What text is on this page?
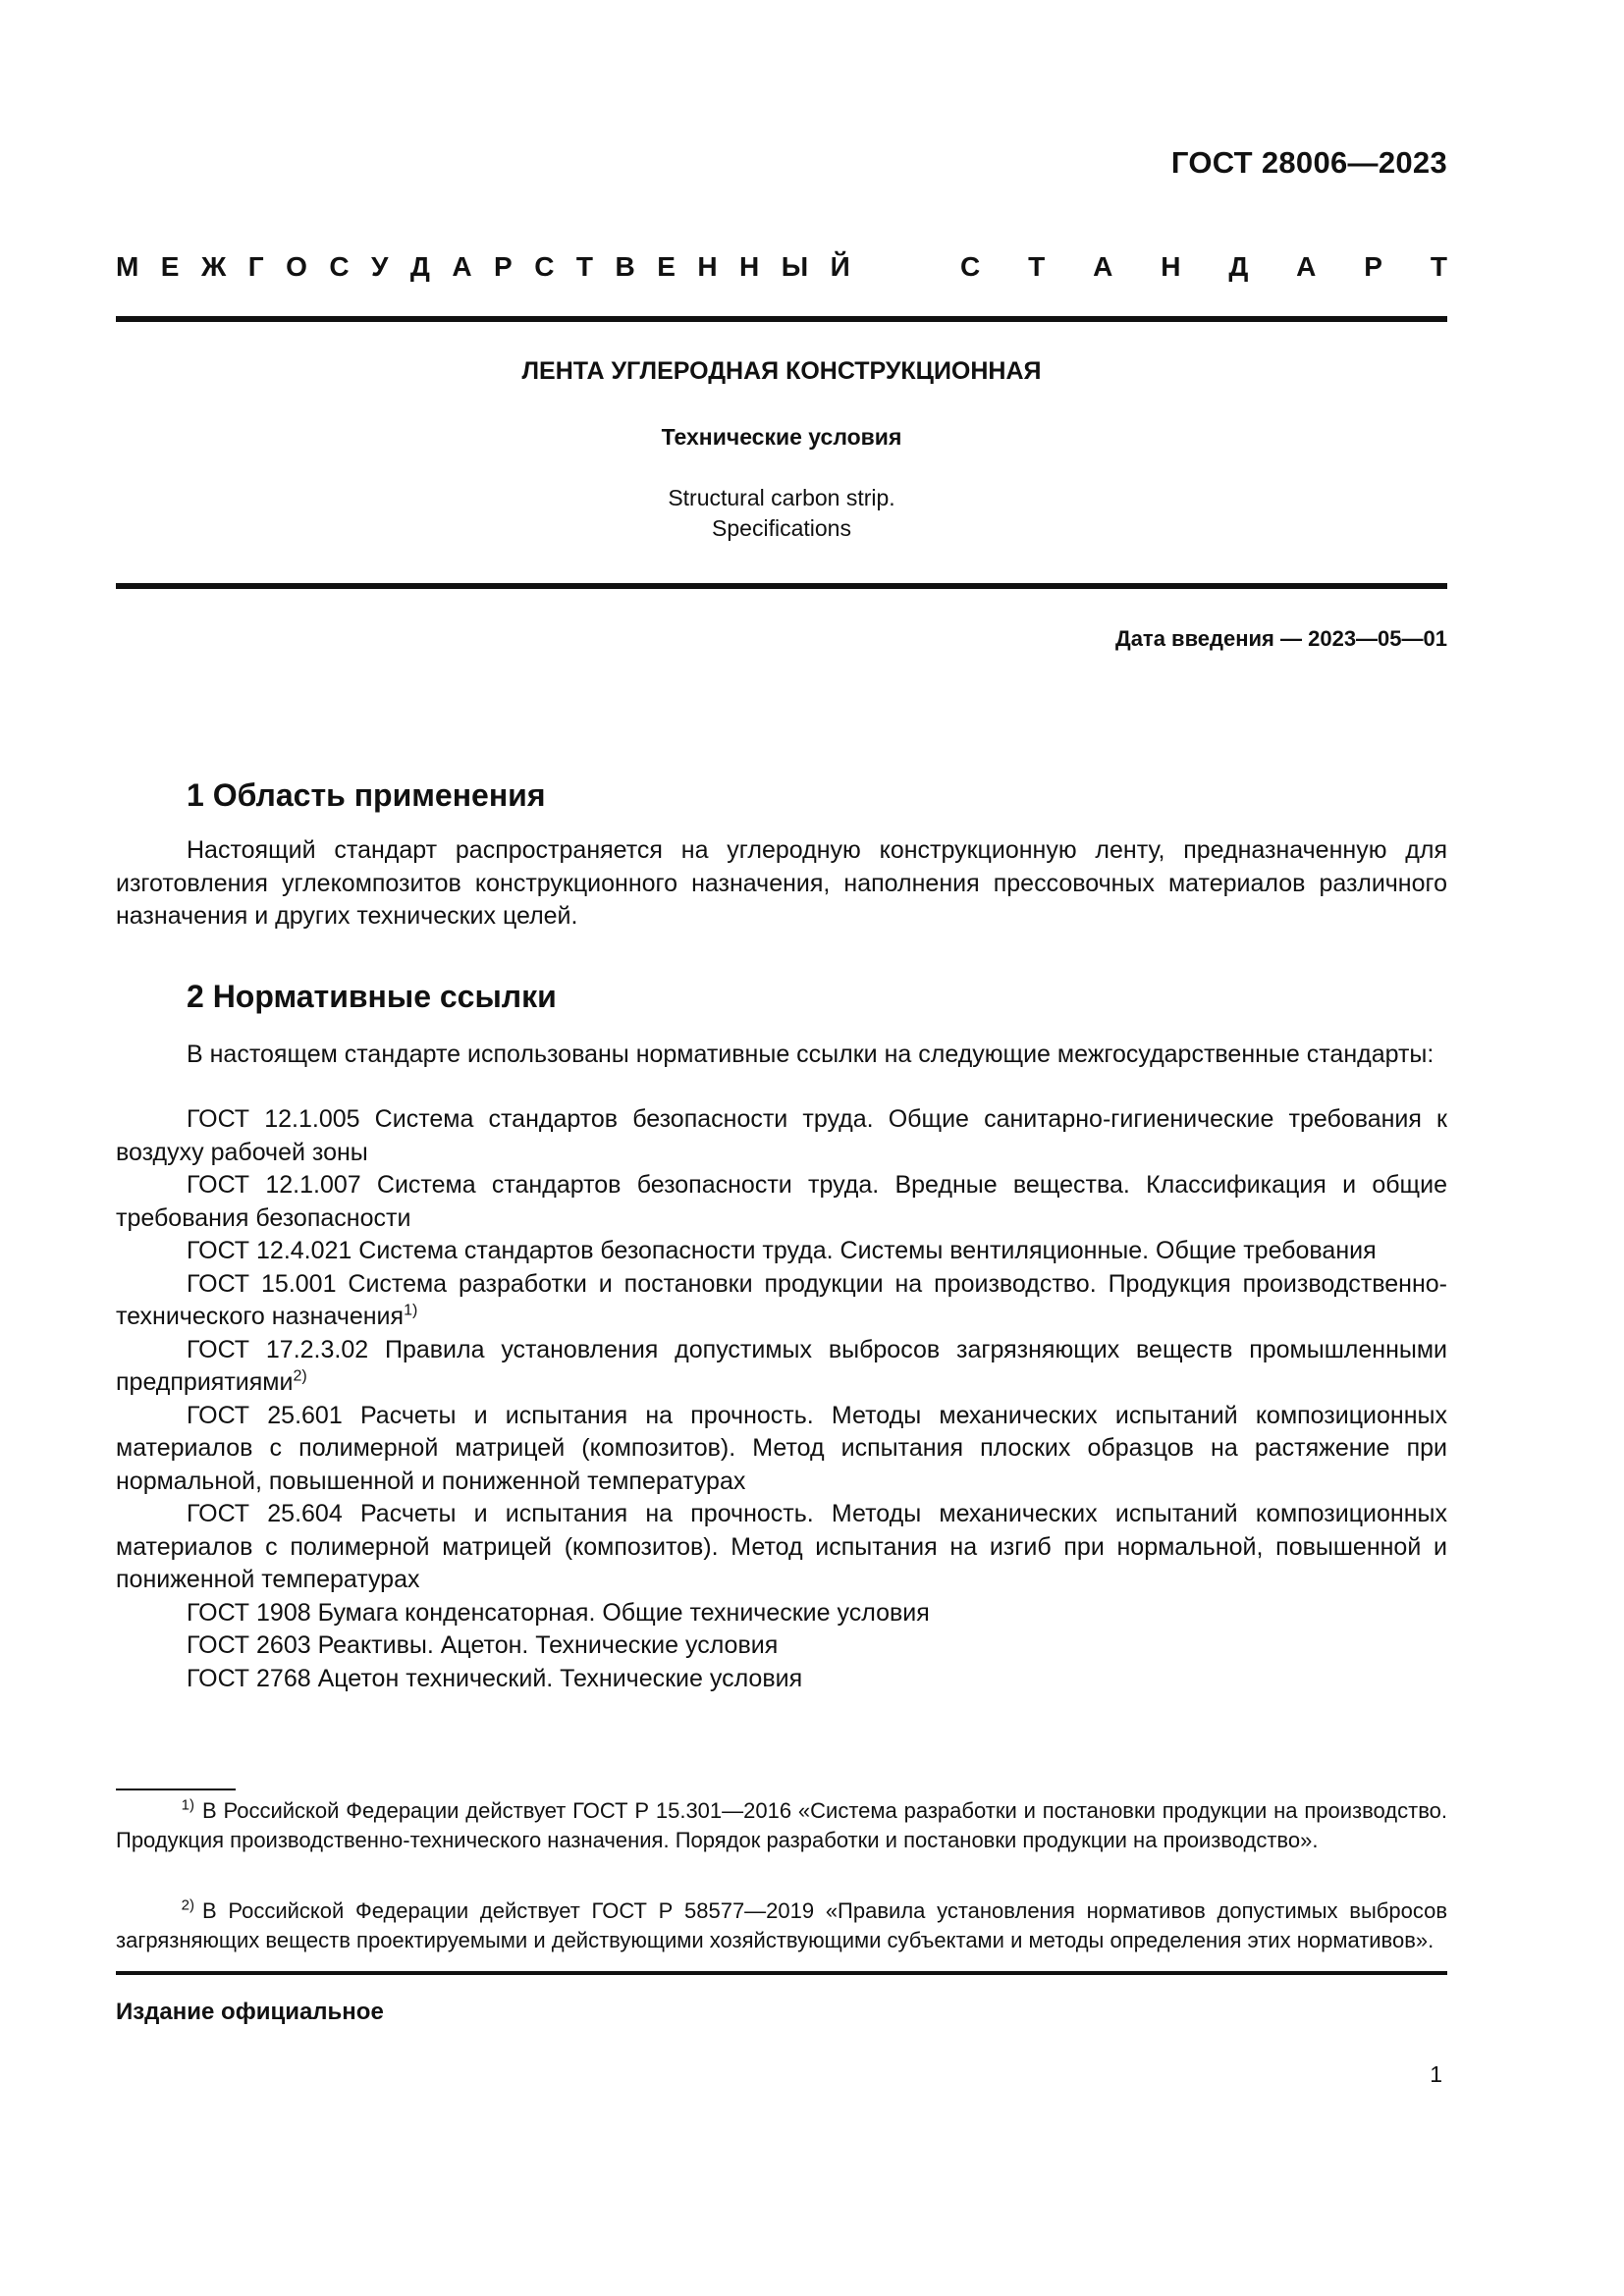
ГОСТ 28006—2023
М Е Ж Г О С У Д А Р С Т В Е Н Н Ы Й	С Т А Н Д А Р Т
ЛЕНТА УГЛЕРОДНАЯ КОНСТРУКЦИОННАЯ
Технические условия
Structural carbon strip.
Specifications
Дата введения — 2023—05—01
1 Область применения
Настоящий стандарт распространяется на углеродную конструкционную ленту, предназначенную для изготовления углекомпозитов конструкционного назначения, наполнения прессовочных материалов различного назначения и других технических целей.
2 Нормативные ссылки
В настоящем стандарте использованы нормативные ссылки на следующие межгосударственные стандарты:

ГОСТ 12.1.005 Система стандартов безопасности труда. Общие санитарно-гигиенические требования к воздуху рабочей зоны

ГОСТ 12.1.007 Система стандартов безопасности труда. Вредные вещества. Классификация и общие требования безопасности

ГОСТ 12.4.021 Система стандартов безопасности труда. Системы вентиляционные. Общие требования

ГОСТ 15.001 Система разработки и постановки продукции на производство. Продукция производственно-технического назначения$^{1)}$

ГОСТ 17.2.3.02 Правила установления допустимых выбросов загрязняющих веществ промышленными предприятиями$^{2)}$

ГОСТ 25.601 Расчеты и испытания на прочность. Методы механических испытаний композиционных материалов с полимерной матрицей (композитов). Метод испытания плоских образцов на растяжение при нормальной, повышенной и пониженной температурах

ГОСТ 25.604 Расчеты и испытания на прочность. Методы механических испытаний композиционных материалов с полимерной матрицей (композитов). Метод испытания на изгиб при нормальной, повышенной и пониженной температурах

ГОСТ 1908 Бумага конденсаторная. Общие технические условия

ГОСТ 2603 Реактивы. Ацетон. Технические условия

ГОСТ 2768 Ацетон технический. Технические условия

$^{1)}$ В Российской Федерации действует ГОСТ Р 15.301—2016 «Система разработки и постановки продукции на производство. Продукция производственно-технического назначения. Порядок разработки и постановки продукции на производство».
$^{2)}$ В Российской Федерации действует ГОСТ Р 58577—2019 «Правила установления нормативов допустимых выбросов загрязняющих веществ проектируемыми и действующими хозяйствующими субъектами и методы определения этих нормативов».
Издание официальное
1
